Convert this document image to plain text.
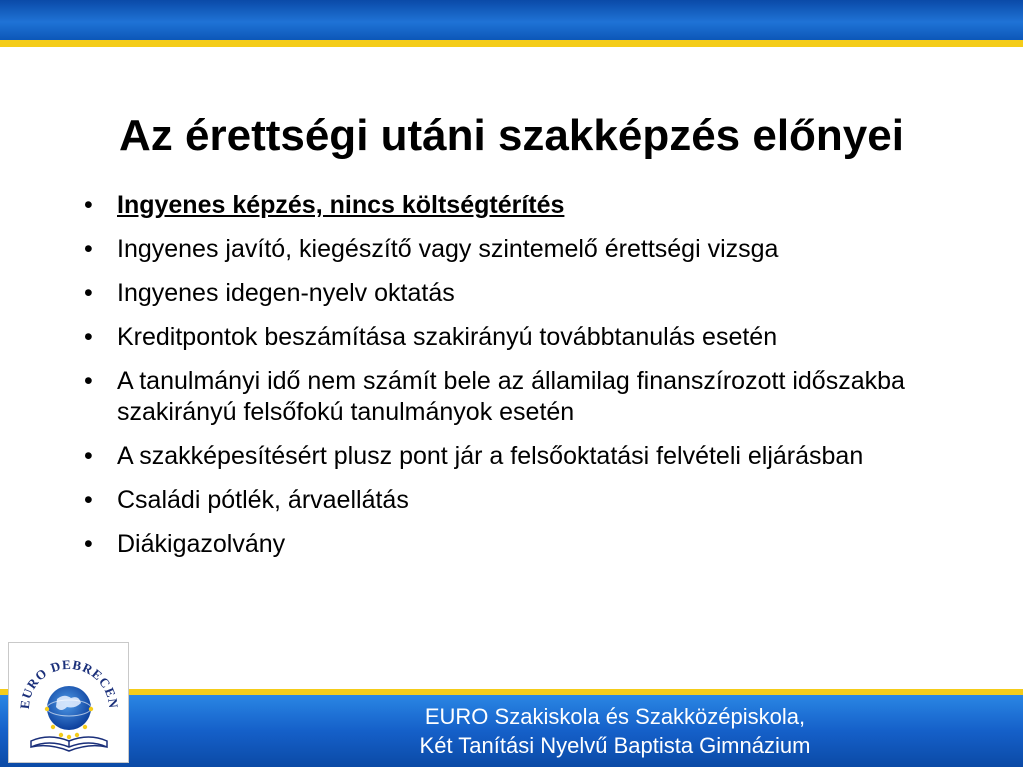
Az érettségi utáni szakképzés előnyei
• Ingyenes képzés, nincs költségtérítés
• Ingyenes javító, kiegészítő vagy szintemelő érettségi vizsga
• Ingyenes idegen-nyelv oktatás
• Kreditpontok beszámítása szakirányú továbbtanulás esetén
• A tanulmányi idő nem számít bele az államilag finanszírozott időszakba szakirányú felsőfokú tanulmányok esetén
• A szakképesítésért plusz pont jár a felsőoktatási felvételi eljárásban
• Családi pótlék, árvaellátás
• Diákigazolvány
EURO Szakiskola és Szakközépiskola,
Két Tanítási Nyelvű Baptista Gimnázium
EURO DEBRECEN
